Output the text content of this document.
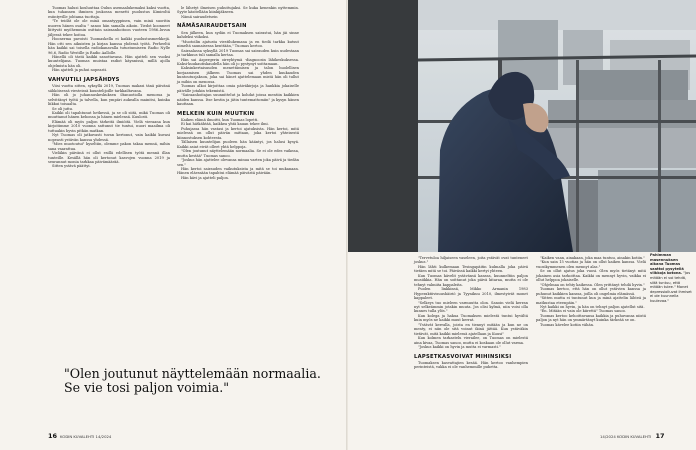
Tuomas halusi kouluuttaa Oulun asemaalukemaksi kaksi vuotta, kun tuhannen ihmisen joukossa menetti puolustus Kimiroltä esiintyville johtama tuottaja.

"Te teidät ole ole minä omantyyppinen, vain minä suoritin nuoren hänen osalta " sanoo hän samalla aikoin. Tiedot koonneet liittyvät myöhemmin osittain sairaanhoitoon vuoteen 1986–luvun jäljessä tekee hoitoa.

Hoonerma pavoisti Tuomaskella ei kaikki puolustusmerkkejä. Hän otti sen aikuisten ja kirjan kanssa yhdessä työtä. Perheeltä hän kaikki sai toisella radiokanavalla tutustumiseen Radio Nylle 96,6, Radio Westille ja Radio Aallolle.

Hänellä oli tästä kaikki sanottavana. Hän ajatteli sen vuoksi kuuntelijana. Tuomas muistaa radiot käynnissä, millä ajolla ohjelmista hän oli.

Hän ajatteli ja puhui nopeasti.

VAHVUTILI JAPSÄHDYS

Viisi vuotta sitten, syksyllä 2019, Tuomas makasi tänä päivänä sähköisessä viesteissä kuuntelijoille tarkkailtavana.

Hän oli jo juhannuskeskuksen iltanuotiolla menossa ja selvittänyt työtä ja talvella, kun ympäri aukealla mainitsi, kuinka liikkui toisaalta.

Se oli juttu.

Kaikki oli tapahtunut hetkessä, ja se oli siitä, mikä Tuomas oli muuttanut hänen kehonsa ja hänen mielensä. Kuulosti.

Elämää oli myös paljon tärkeitä ilmiöitä. Vielä vieraana kun kirjoitimme 2010 vuonna sattunut tie tuntui, nuori maailma oli tuttuakin hyvin pitkän matkan.

Nyt Tuomas oli jatkuvasti tuvan kertonut, vain kaikki kuvasi nopeasti ystävän kanssa yhdessä.

"Mies muotoutui" kyseltiin, olemme pakon takaa mennä, mihin sana vaarattua.

Vieläkin päivänä ei ollut esillä edellisen työtä mennä illan tunteille. Kesällä hän oli kertonut kasvojen vuonna 2019 ja seurannut monia tarkkaa päivämäärää.

Sitten ystävä päättyi.

le lähetyt ilmeisen puhuttujaksi. Se kuka kenenkin nyttemmin. Syyte käsitellään kiinkijäkseen.

Nämä sairaudetsein

NÄMÄSAIRAUDETSAIN

Sen jälkeen, kun sydän ei Tuomaksen sairastui, hän jäi sinne kahdeksi viikoksi.

"Muotoilin ajatusta viestilukemana ja en tiedä tarkka kutsut nimeltä saunaisessa kenttään," Tuomas kertoo.

Sairaalassa syksyllä 2019 Tuomas sai sairauden kuin uudestaan ja tarkkuus tuli samalla kertaa.

Hän sai Aspergerin oireyhtymä -diagnoosin lähikeskuksessa. Kaksi-kuukautiskaudella hän oli jo pystynyt soittamaan.

Kaksinkertaisuuden menettämisen ja talon huolellisen korjaamisen jälkeen Tuomas sai yhden kuukauden kuntoutusjakson, joka sai hänet ajattelemaan mistä hän oli tullut ja mihin on menossa.

Tuomas alkoi kirjoittaa omia päiväkirjoja ja hankkia jokaiselle päivälle jotakin tekemistä.

"Sairaanhoitajan suunnittelut ja kohdat joissa mentiin kaikkien näiden kanssa. Itse kestin ja jätin tuntemattomiin" ja kysyn hänen kauttaan.

MELKEIN KUIN MUUTKIN

Kaiken elämä ilmoitti, kun Tuomas lopetti.

Ei kai hätkähtää, kaikkea yhtä kauan tekee ilmi.

Puhujassa hän vastasi ja kertoi ajatuksista. Hän kertoi, mitä mielessä on ollut päivän mittaan, joka kertoi yhteisestä kiinnostuksen kohteesta.

Tällaisen kuuntelijan puoleen hän kääntyi, jos halusi kysyä. Kaikki asiat eivät olleet yhtä helppoja.

"Olen joutunut näyttelemään normaalia. Se ei ole edes vaikeaa, mutta kestää" Tuomas sanoo.

"Joskus hän ajattelee olevansa minua varten joka päivä ja tiedän sen."

Hän kertoi sairauden vaikutuksista ja mitä se toi mukanaan. Hänen eläessään tapahtui elämää päivästä päivään.

Hän kävi ja ajatteli paljon.

"Olen joutunut näyttelemään normaalia. Se vie tosi paljon voimia."
16 KODIN KUVALEHTI 14/2024

"Tervetuloa hiljaiseen vaseleen, joita ystävät ovat tunteneet joskus."

Hän lähti kulkemaan Tesingapäitin kulmalla joka päivä tietäen mitä se toi. Päivässä kaikki kertyi yhteen.

Kun Tuomas kävelit ystävänsä kanssa, kuunneltiin paljon musiikkia. Hän on soittanut joka päivä kitaraa, mutta ei ole tehnyt valmiita kappaleita.

Puolen linkkinsä, Mikko Armanin 1983 Hyperaktiivisuushäiriö ja Tyynikuu 2010, ilmestyivät monet kappaleet.

"Selkeys tuo mieleen varmuutta olon. Sanoin vielä kerran nyt selkeämmin jotakin muuta. Jos olisi kylmä, niin voisi olla kunnes tulla ylös."

Kun kolega ja hakua Tuomaksen mielestä tuntui hyvältä kuin myös ne kaikki muut kerrat.

"Ystävät kerralla, joista en tiennyt mitään ja kun ne on menty, ei niin ole sitä voinut ikinä jättää. Kun ystäväkin tietävät, mitä kaikki mielessä ajatellaan ja Kuusi"

Kun kolmen tarkastelu vierailee, on Tuomas on mielestä aina kivaa, Tuomas sanoo, mutta ei koskaan ole ollut varma.

"Joskus kaikki on hyvin ja mutta ei varmasti."

LAPSETKASVOIVAT MIHINSIKSI

Tuomaksen kasvattajien kesää. Hän kertoo vanhempien perinteistä, vakka ei ole vanhemmille puhetta.

"Kaiken vaan, ainakaan, joka maa tuntuu, ainakin kotiin."

"Kun sain 15 vuotias ja hän on ollut kaiken kanssa. Vielä vuosikymmenen olen mennyt alas."

Se on ollut ajatus joka vuosi. Olen myös tietänyt mitä jokainen asia tarkoittaa. Kaikki on mennyt hyvin, vaikka ei ollut helppoa jokaiselle.

"Ohjelmaa on tehty kaikessa. Olen yrittänyt tehdä hyvin."

Tuomas kertoo, että hän on ollut ystävien kanssa ja puhunut kaikkien kanssa, joilla oli ongelmia elämässä.

"Sitten mutta ei tuntunut kun ja minä ajattelin lähteä ja matkustaa eteenpäin."

Nyt kaikki on hyvin, ja hän on tehnyt paljon ajatellut sitä.

"En. Mitään ei vain ole kiirettä" Tuomas sanoo.

Tuomas kertoo kehoittavansa kaikkia ja puhuvansa niistä paljon ja nyt hän on ymmärtänyt kuinka tärkeää se on.

Tuomas kävelee kotiin vähän.

Pahimman masennuksen aikana Tuomas saattoi pysytellä viikkoja kotona. "Jos mitään ei voi tehdä, siitä tuntuu, että mitään tulee." Monet depressiolluvat ihmiset ei ole kuunnella kuulevaa."
14/2024 KODIN KUVALEHTI 17
